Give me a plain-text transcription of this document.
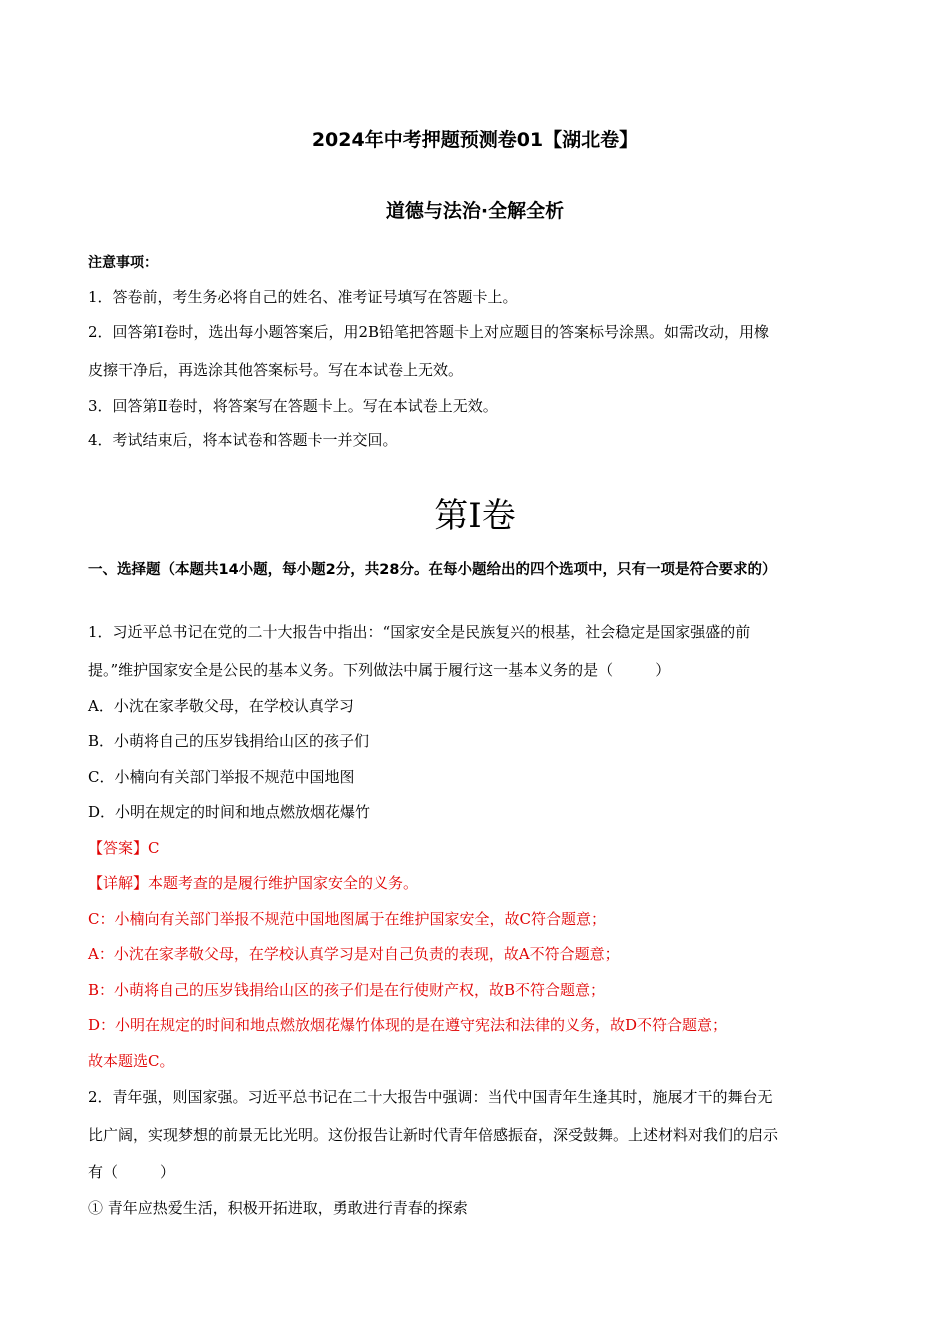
2024年中考押题预测卷01【湖北卷】
道德与法治·全解全析
注意事项：
1．答卷前，考生务必将自己的姓名、准考证号填写在答题卡上。
2．回答第Ⅰ卷时，选出每小题答案后，用2B铅笔把答题卡上对应题目的答案标号涂黑。如需改动，用橡
皮擦干净后，再选涂其他答案标号。写在本试卷上无效。
3．回答第Ⅱ卷时，将答案写在答题卡上。写在本试卷上无效。
4．考试结束后，将本试卷和答题卡一并交回。
第Ⅰ卷
一、选择题（本题共14小题，每小题2分，共28分。在每小题给出的四个选项中，只有一项是符合要求的）
1．习近平总书记在党的二十大报告中指出：“国家安全是民族复兴的根基，社会稳定是国家强盛的前
提。”维护国家安全是公民的基本义务。下列做法中属于履行这一基本义务的是（	）
A．小沈在家孝敬父母，在学校认真学习
B．小萌将自己的压岁钱捐给山区的孩子们
C．小楠向有关部门举报不规范中国地图
D．小明在规定的时间和地点燃放烟花爆竹
【答案】C
【详解】本题考查的是履行维护国家安全的义务。
C：小楠向有关部门举报不规范中国地图属于在维护国家安全，故C符合题意；
A：小沈在家孝敬父母，在学校认真学习是对自己负责的表现，故A不符合题意；
B：小萌将自己的压岁钱捐给山区的孩子们是在行使财产权，故B不符合题意；
D：小明在规定的时间和地点燃放烟花爆竹体现的是在遵守宪法和法律的义务，故D不符合题意；
故本题选C。
2．青年强，则国家强。习近平总书记在二十大报告中强调：当代中国青年生逢其时，施展才干的舞台无
比广阔，实现梦想的前景无比光明。这份报告让新时代青年倍感振奋，深受鼓舞。上述材料对我们的启示
有（	）
① 青年应热爱生活，积极开拓进取，勇敢进行青春的探索
